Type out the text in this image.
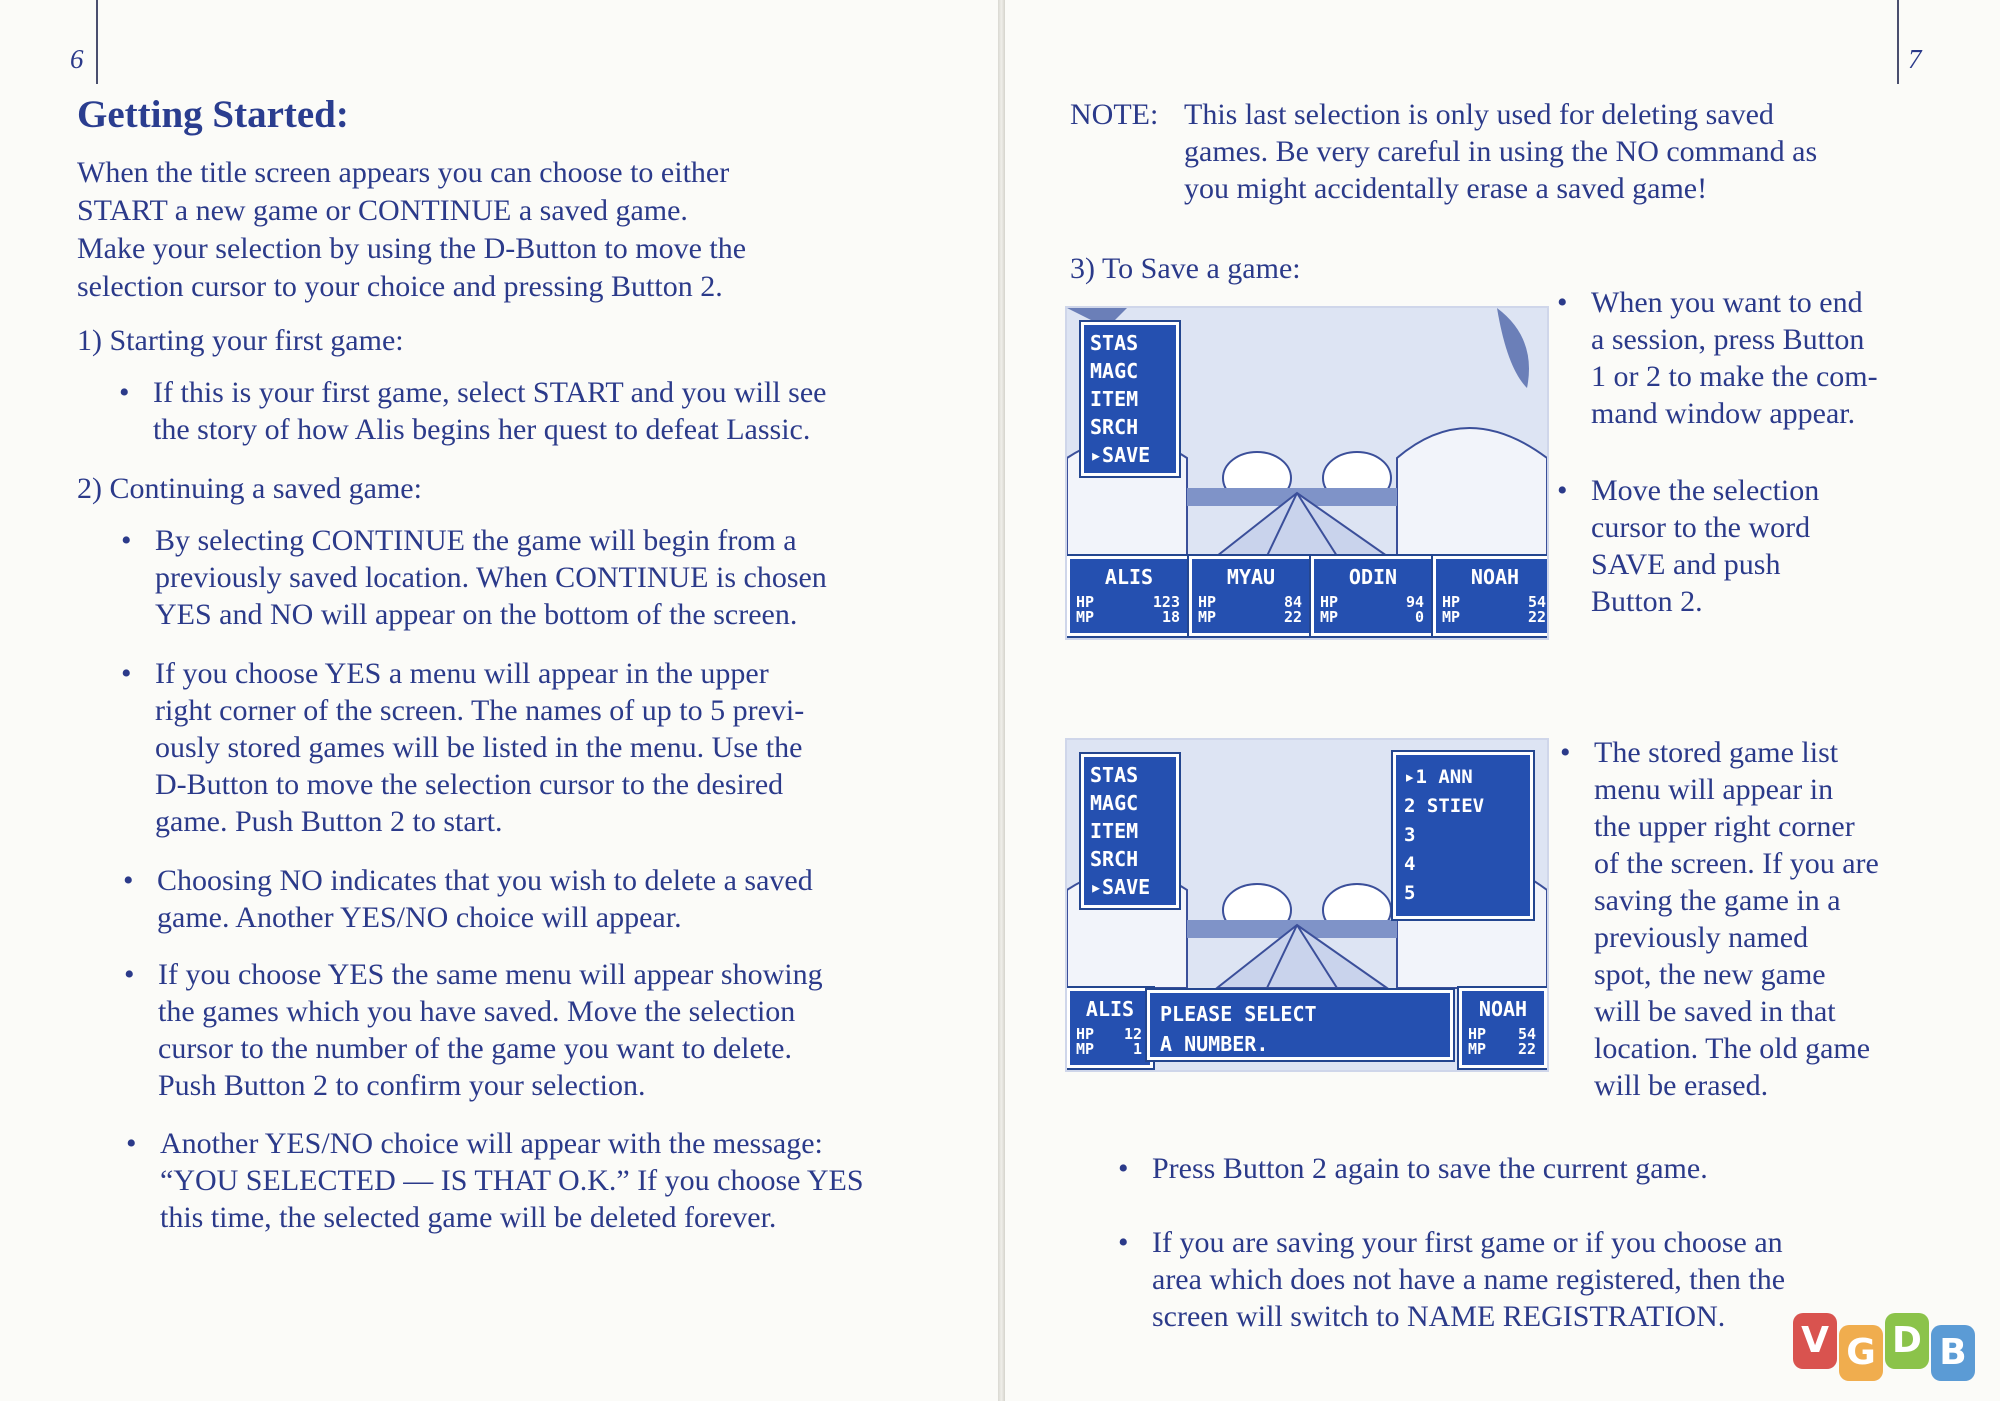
6
Getting Started:
When the title screen appears you can choose to either
START a new game or CONTINUE a saved game.
Make your selection by using the D-Button to move the
selection cursor to your choice and pressing Button 2.
1) Starting your first game:
• If this is your first game, select START and you will see
the story of how Alis begins her quest to defeat Lassic.
2) Continuing a saved game:
• By selecting CONTINUE the game will begin from a
previously saved location. When CONTINUE is chosen
YES and NO will appear on the bottom of the screen.
• If you choose YES a menu will appear in the upper
right corner of the screen. The names of up to 5 previ-
ously stored games will be listed in the menu. Use the
D-Button to move the selection cursor to the desired
game. Push Button 2 to start.
• Choosing NO indicates that you wish to delete a saved
game. Another YES/NO choice will appear.
• If you choose YES the same menu will appear showing
the games which you have saved. Move the selection
cursor to the number of the game you want to delete.
Push Button 2 to confirm your selection.
• Another YES/NO choice will appear with the message:
“YOU SELECTED — IS THAT O.K.” If you choose YES
this time, the selected game will be deleted forever.
7
NOTE: This last selection is only used for deleting saved
games. Be very careful in using the NO command as
you might accidentally erase a saved game!
3) To Save a game:
STAS
MAGC
ITEM
SRCH
▸SAVE
ALIS
HP
MP
123
18
MYAU
HP
MP
84
22
ODIN
HP
MP
94
0
NOAH
HP
MP
54
22
• When you want to end
a session, press Button
1 or 2 to make the com-
mand window appear.
• Move the selection
cursor to the word
SAVE and push
Button 2.
STAS
MAGC
ITEM
SRCH
▸SAVE
▸1 ANN
2 STIEV
3
4
5
ALIS
HP
MP
12
1
NOAH
HP
MP
54
22
PLEASE SELECT
A NUMBER.
• The stored game list
menu will appear in
the upper right corner
of the screen. If you are
saving the game in a
previously named
spot, the new game
will be saved in that
location. The old game
will be erased.
• Press Button 2 again to save the current game.
• If you are saving your first game or if you choose an
area which does not have a name registered, then the
screen will switch to NAME REGISTRATION.
V G D B
